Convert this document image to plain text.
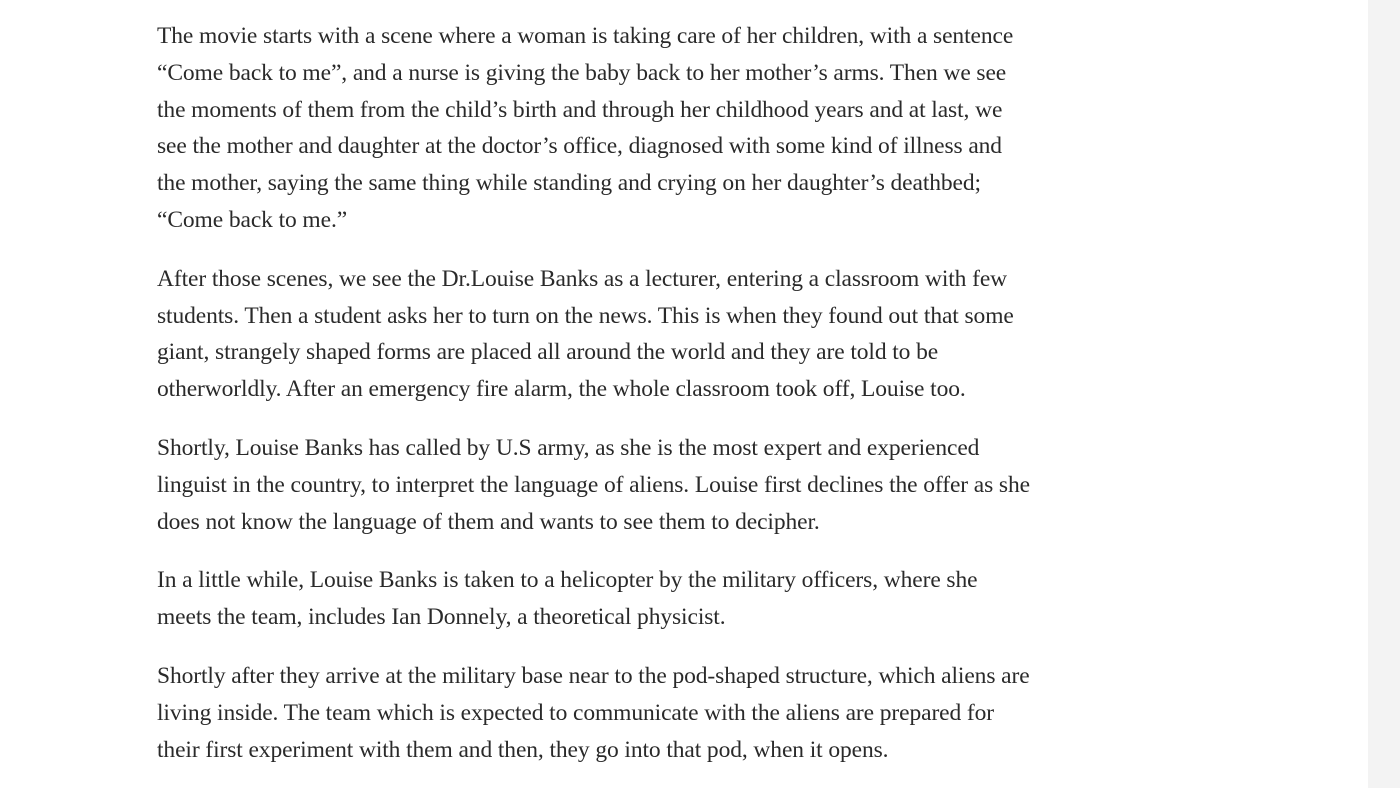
The movie starts with a scene where a woman is taking care of her children, with a sentence
“Come back to me”, and a nurse is giving the baby back to her mother’s arms. Then we see
the moments of them from the child’s birth and through her childhood years and at last, we
see the mother and daughter at the doctor’s office, diagnosed with some kind of illness and
the mother, saying the same thing while standing and crying on her daughter’s deathbed;
“Come back to me.”

After those scenes, we see the Dr.Louise Banks as a lecturer, entering a classroom with few
students. Then a student asks her to turn on the news. This is when they found out that some
giant, strangely shaped forms are placed all around the world and they are told to be
otherworldly. After an emergency fire alarm, the whole classroom took off, Louise too.

Shortly, Louise Banks has called by U.S army, as she is the most expert and experienced
linguist in the country, to interpret the language of aliens. Louise first declines the offer as she
does not know the language of them and wants to see them to decipher.

In a little while, Louise Banks is taken to a helicopter by the military officers, where she
meets the team, includes Ian Donnely, a theoretical physicist.

Shortly after they arrive at the military base near to the pod-shaped structure, which aliens are
living inside. The team which is expected to communicate with the aliens are prepared for
their first experiment with them and then, they go into that pod, when it opens.
